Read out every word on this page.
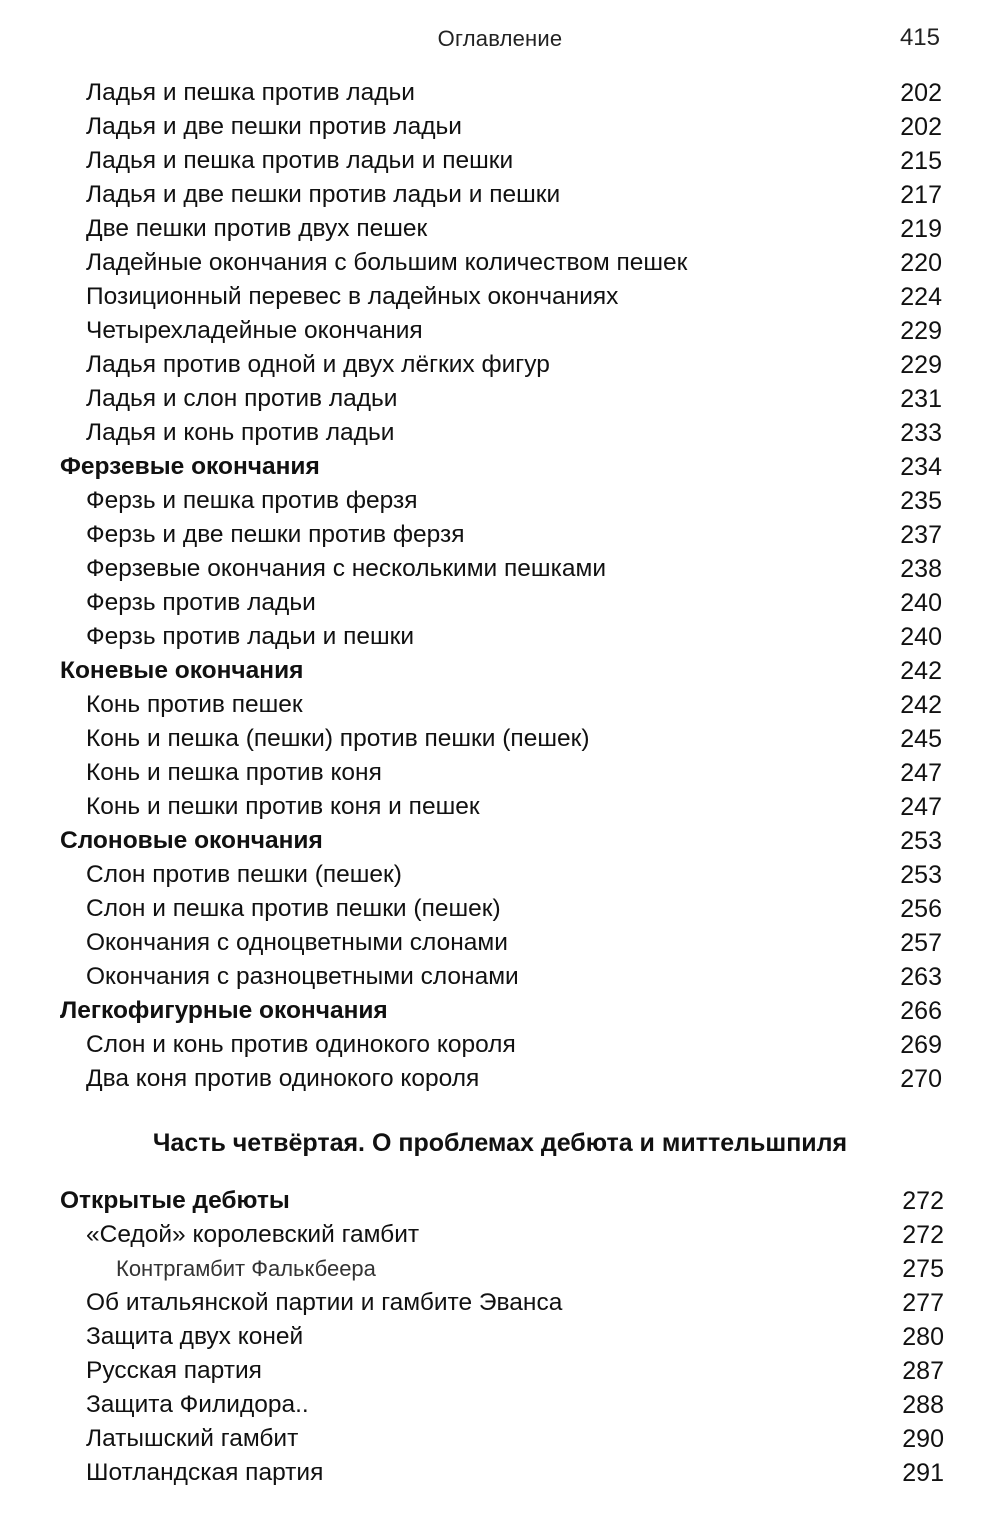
Оглавление	415
Ладья и пешка против ладьи	202
Ладья и две пешки против ладьи	202
Ладья и пешка против ладьи и пешки	215
Ладья и две пешки против ладьи и пешки	217
Две пешки против двух пешек	219
Ладейные окончания с большим количеством пешек	220
Позиционный перевес в ладейных окончаниях	224
Четырехладейные окончания	229
Ладья против одной и двух лёгких фигур	229
Ладья и слон против ладьи	231
Ладья и конь против ладьи	233
Ферзевые окончания	234
Ферзь и пешка против ферзя	235
Ферзь и две пешки против ферзя	237
Ферзевые окончания с несколькими пешками	238
Ферзь против ладьи	240
Ферзь против ладьи и пешки	240
Коневые окончания	242
Конь против пешек	242
Конь и пешка (пешки) против пешки (пешек)	245
Конь и пешка против коня	247
Конь и пешки против коня и пешек	247
Слоновые окончания	253
Слон против пешки (пешек)	253
Слон и пешка против пешки (пешек)	256
Окончания с одноцветными слонами	257
Окончания с разноцветными слонами	263
Легкофигурные окончания	266
Слон и конь против одинокого короля	269
Два коня против одинокого короля	270
Часть четвёртая. О проблемах дебюта и миттельшпиля
Открытые дебюты	272
«Седой» королевский гамбит	272
Контргамбит Фалькбеера	275
Об итальянской партии и гамбите Эванса	277
Защита двух коней	280
Русская партия	287
Защита Филидора..	288
Латышский гамбит	290
Шотландская партия	291
